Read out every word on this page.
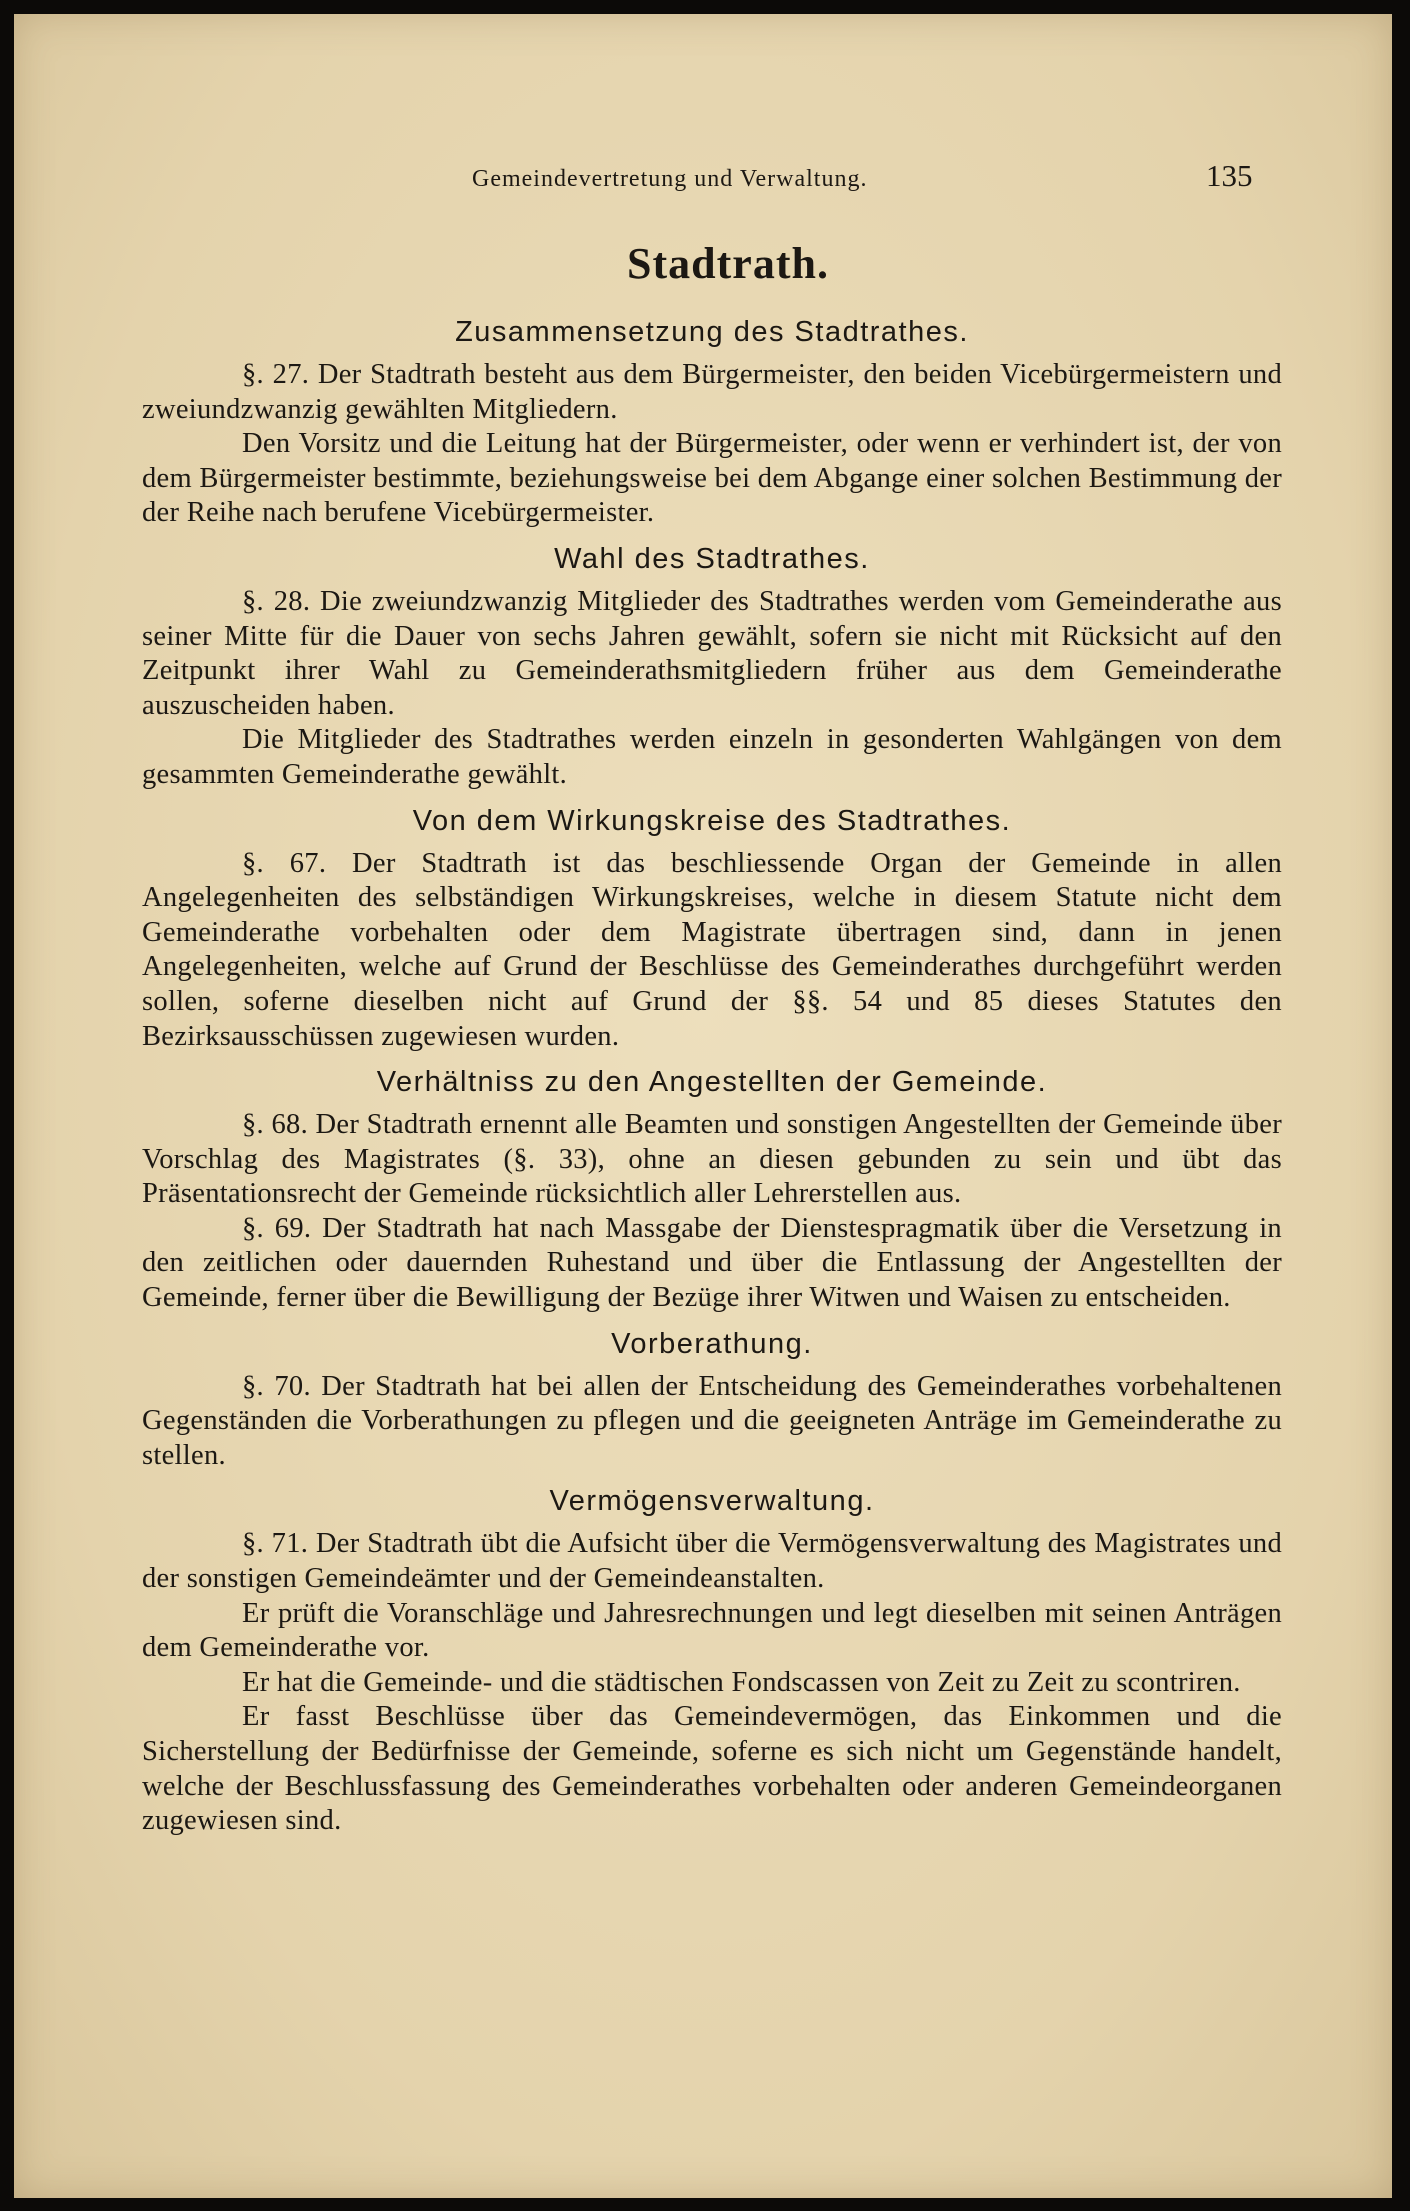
Gemeindevertretung und Verwaltung.	135
Stadtrath.
Zusammensetzung des Stadtrathes.

§. 27. Der Stadtrath besteht aus dem Bürgermeister, den beiden Vicebürgermeistern und zweiundzwanzig gewählten Mitgliedern.

Den Vorsitz und die Leitung hat der Bürgermeister, oder wenn er verhindert ist, der von dem Bürgermeister bestimmte, beziehungsweise bei dem Abgange einer solchen Bestimmung der der Reihe nach berufene Vicebürgermeister.

Wahl des Stadtrathes.

§. 28. Die zweiundzwanzig Mitglieder des Stadtrathes werden vom Gemeinderathe aus seiner Mitte für die Dauer von sechs Jahren gewählt, sofern sie nicht mit Rücksicht auf den Zeitpunkt ihrer Wahl zu Gemeinderathsmitgliedern früher aus dem Gemeinderathe auszuscheiden haben.

Die Mitglieder des Stadtrathes werden einzeln in gesonderten Wahlgängen von dem gesammten Gemeinderathe gewählt.

Von dem Wirkungskreise des Stadtrathes.

§. 67. Der Stadtrath ist das beschliessende Organ der Gemeinde in allen Angelegenheiten des selbständigen Wirkungskreises, welche in diesem Statute nicht dem Gemeinderathe vorbehalten oder dem Magistrate übertragen sind, dann in jenen Angelegenheiten, welche auf Grund der Beschlüsse des Gemeinderathes durchgeführt werden sollen, soferne dieselben nicht auf Grund der §§. 54 und 85 dieses Statutes den Bezirksausschüssen zugewiesen wurden.

Verhältniss zu den Angestellten der Gemeinde.

§. 68. Der Stadtrath ernennt alle Beamten und sonstigen Angestellten der Gemeinde über Vorschlag des Magistrates (§. 33), ohne an diesen gebunden zu sein und übt das Präsentationsrecht der Gemeinde rücksichtlich aller Lehrerstellen aus.

§. 69. Der Stadtrath hat nach Massgabe der Dienstespragmatik über die Versetzung in den zeitlichen oder dauernden Ruhestand und über die Entlassung der Angestellten der Gemeinde, ferner über die Bewilligung der Bezüge ihrer Witwen und Waisen zu entscheiden.

Vorberathung.

§. 70. Der Stadtrath hat bei allen der Entscheidung des Gemeinderathes vorbehaltenen Gegenständen die Vorberathungen zu pflegen und die geeigneten Anträge im Gemeinderathe zu stellen.

Vermögensverwaltung.

§. 71. Der Stadtrath übt die Aufsicht über die Vermögensverwaltung des Magistrates und der sonstigen Gemeindeämter und der Gemeindeanstalten.

Er prüft die Voranschläge und Jahresrechnungen und legt dieselben mit seinen Anträgen dem Gemeinderathe vor.

Er hat die Gemeinde- und die städtischen Fondscassen von Zeit zu Zeit zu scontriren.

Er fasst Beschlüsse über das Gemeindevermögen, das Einkommen und die Sicherstellung der Bedürfnisse der Gemeinde, soferne es sich nicht um Gegenstände handelt, welche der Beschlussfassung des Gemeinderathes vorbehalten oder anderen Gemeindeorganen zugewiesen sind.
